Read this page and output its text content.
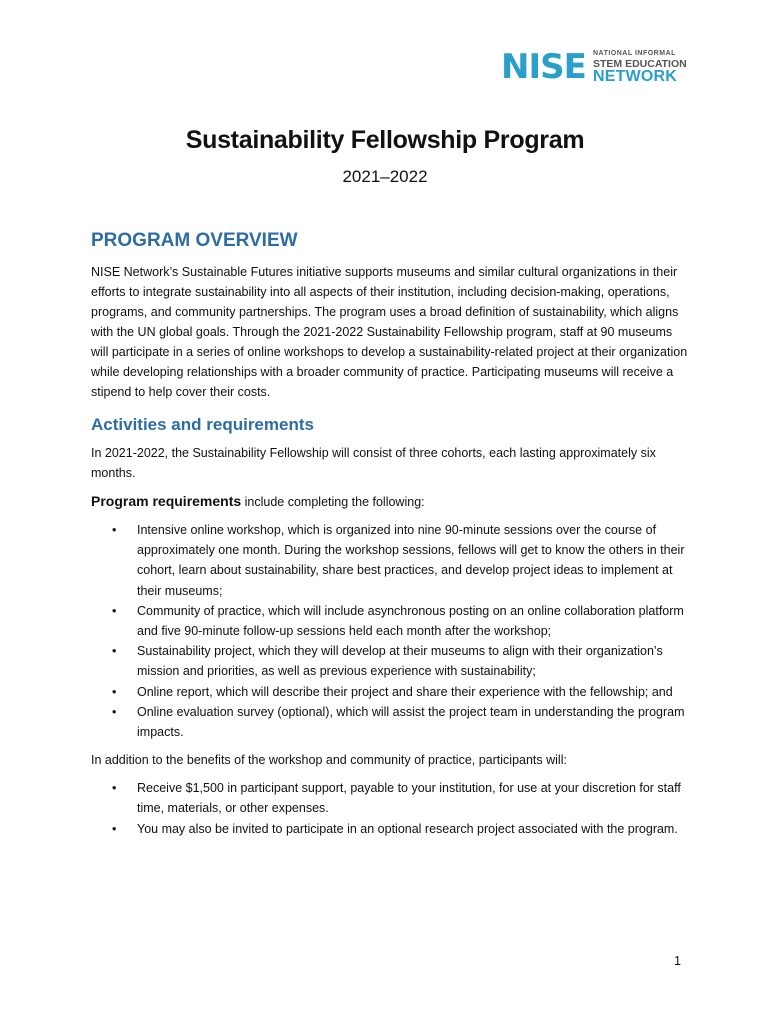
NISE NATIONAL INFORMAL
STEM EDUCATION
NETWORK
Sustainability Fellowship Program
2021–2022
PROGRAM OVERVIEW

NISE Network’s Sustainable Futures initiative supports museums and similar cultural organizations in their efforts to integrate sustainability into all aspects of their institution, including decision-making, operations, programs, and community partnerships. The program uses a broad definition of sustainability, which aligns with the UN global goals. Through the 2021-2022 Sustainability Fellowship program, staff at 90 museums will participate in a series of online workshops to develop a sustainability-related project at their organization while developing relationships with a broader community of practice. Participating museums will receive a stipend to help cover their costs.

Activities and requirements

In 2021-2022, the Sustainability Fellowship will consist of three cohorts, each lasting approximately six months.

Program requirements include completing the following:

• Intensive online workshop, which is organized into nine 90-minute sessions over the course of approximately one month. During the workshop sessions, fellows will get to know the others in their cohort, learn about sustainability, share best practices, and develop project ideas to implement at their museums;
• Community of practice, which will include asynchronous posting on an online collaboration platform and five 90-minute follow-up sessions held each month after the workshop;
• Sustainability project, which they will develop at their museums to align with their organization’s mission and priorities, as well as previous experience with sustainability;
• Online report, which will describe their project and share their experience with the fellowship; and
• Online evaluation survey (optional), which will assist the project team in understanding the program impacts.

In addition to the benefits of the workshop and community of practice, participants will:

• Receive $1,500 in participant support, payable to your institution, for use at your discretion for staff time, materials, or other expenses.
• You may also be invited to participate in an optional research project associated with the program.
1
